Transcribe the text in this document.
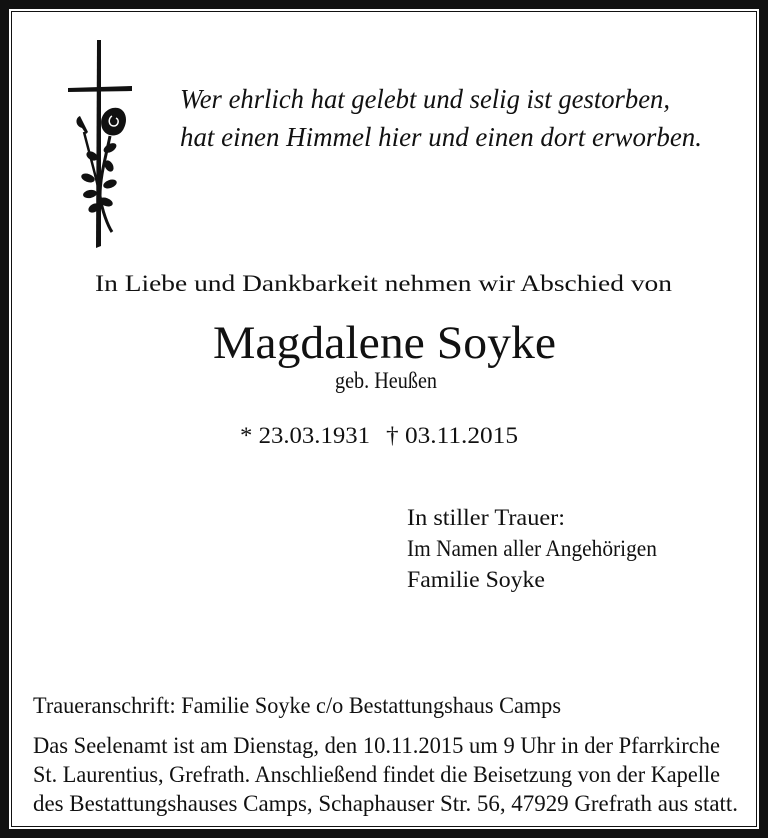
Wer ehrlich hat gelebt und selig ist gestorben,
hat einen Himmel hier und einen dort erworben.
In Liebe und Dankbarkeit nehmen wir Abschied von
Magdalene Soyke
geb. Heußen
* 23.03.1931 † 03.11.2015
In stiller Trauer:
Im Namen aller Angehörigen
Familie Soyke
Traueranschrift: Familie Soyke c/o Bestattungshaus Camps
Das Seelenamt ist am Dienstag, den 10.11.2015 um 9 Uhr in der Pfarrkirche
St. Laurentius, Grefrath. Anschließend findet die Beisetzung von der Kapelle
des Bestattungshauses Camps, Schaphauser Str. 56, 47929 Grefrath aus statt.
